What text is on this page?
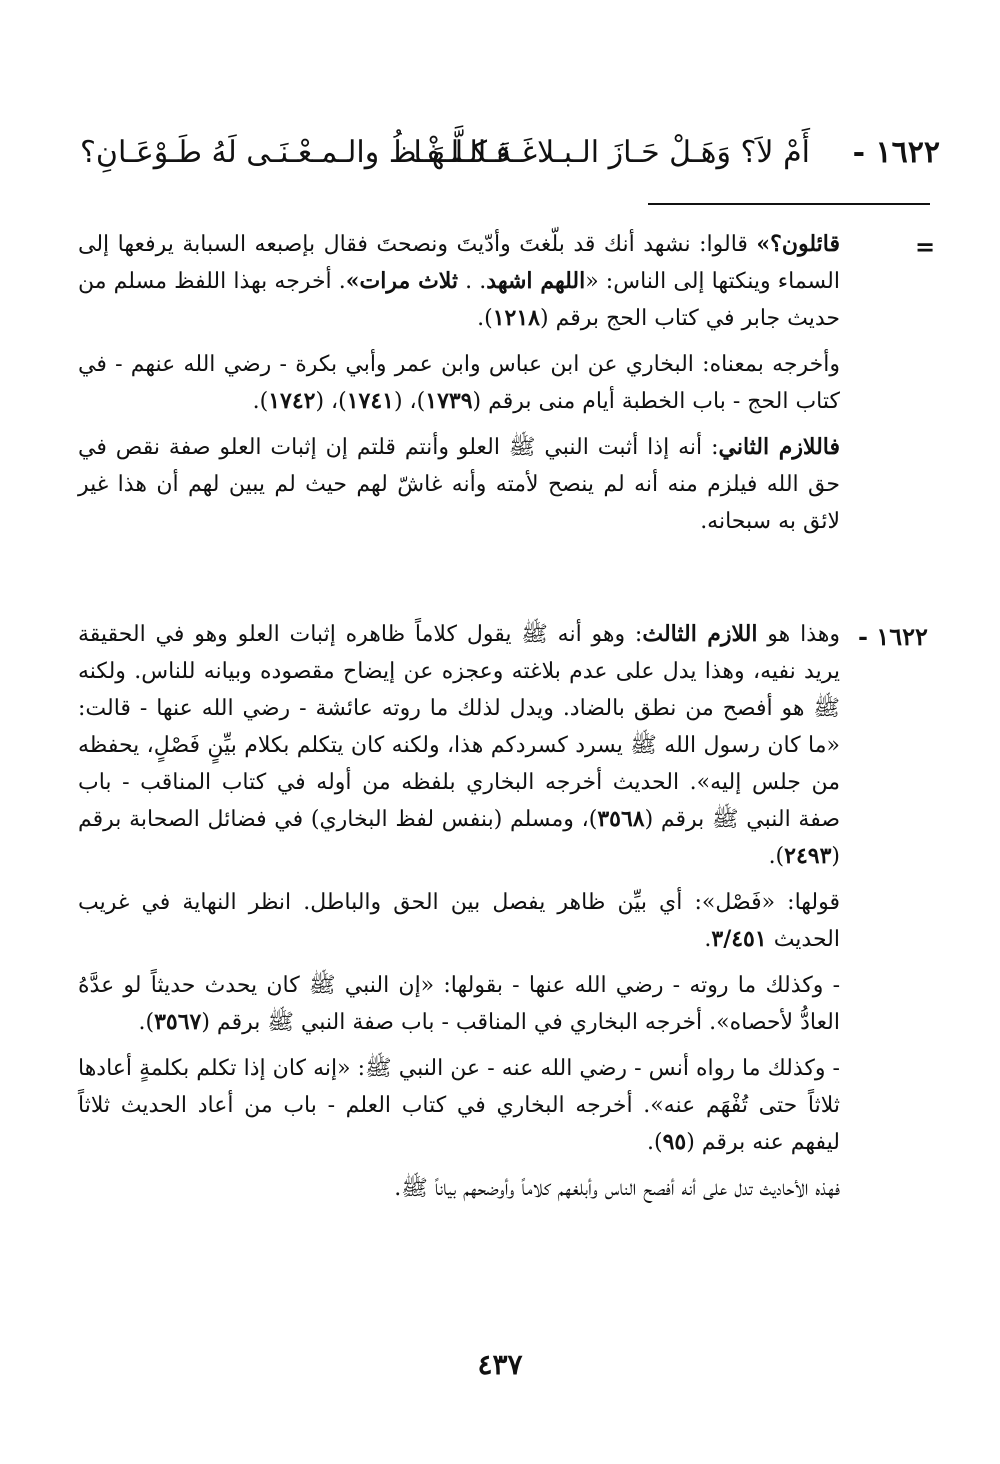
١٦٢٢ -
أَمْ لاَ؟ وَهَـلْ حَـازَ الـبـلاغَـةَ كـلَّـهَـا
فـالـلـفْـظُ والـمـعْـنَـى لَهُ طَـوْعَـانِ؟
=

قائلون؟» قالوا: نشهد أنك قد بلّغتَ وأدّيتَ ونصحتَ فقال بإصبعه السبابة يرفعها إلى السماء وينكتها إلى الناس: «اللهم اشهد. . ثلاث مرات». أخرجه بهذا اللفظ مسلم من حديث جابر في كتاب الحج برقم (١٢١٨).

وأخرجه بمعناه: البخاري عن ابن عباس وابن عمر وأبي بكرة - رضي الله عنهم - في كتاب الحج - باب الخطبة أيام منى برقم (١٧٣٩)، (١٧٤١)، (١٧٤٢).

فاللازم الثاني: أنه إذا أثبت النبي ﷺ العلو وأنتم قلتم إن إثبات العلو صفة نقص في حق الله فيلزم منه أنه لم ينصح لأمته وأنه غاشّ لهم حيث لم يبين لهم أن هذا غير لائق به سبحانه.

١٦٢٢ -

وهذا هو اللازم الثالث: وهو أنه ﷺ يقول كلاماً ظاهره إثبات العلو وهو في الحقيقة يريد نفيه، وهذا يدل على عدم بلاغته وعجزه عن إيضاح مقصوده وبيانه للناس. ولكنه ﷺ هو أفصح من نطق بالضاد. ويدل لذلك ما روته عائشة - رضي الله عنها - قالت: «ما كان رسول الله ﷺ يسرد كسردكم هذا، ولكنه كان يتكلم بكلام بيِّنٍ فَصْلٍ، يحفظه من جلس إليه». الحديث أخرجه البخاري بلفظه من أوله في كتاب المناقب - باب صفة النبي ﷺ برقم (٣٥٦٨)، ومسلم (بنفس لفظ البخاري) في فضائل الصحابة برقم (٢٤٩٣).

قولها: «فَصْل»: أي بيِّن ظاهر يفصل بين الحق والباطل. انظر النهاية في غريب الحديث ٣/٤٥١.

- وكذلك ما روته - رضي الله عنها - بقولها: «إن النبي ﷺ كان يحدث حديثاً لو عدَّهُ العادُّ لأحصاه». أخرجه البخاري في المناقب - باب صفة النبي ﷺ برقم (٣٥٦٧).

- وكذلك ما رواه أنس - رضي الله عنه - عن النبي ﷺ: «إنه كان إذا تكلم بكلمةٍ أعادها ثلاثاً حتى تُفْهَم عنه». أخرجه البخاري في كتاب العلم - باب من أعاد الحديث ثلاثاً ليفهم عنه برقم (٩٥).

فهذه الأحاديث تدل على أنه أفصح الناس وأبلغهم كلاماً وأوضحهم بياناً ﷺ.

٤٣٧
